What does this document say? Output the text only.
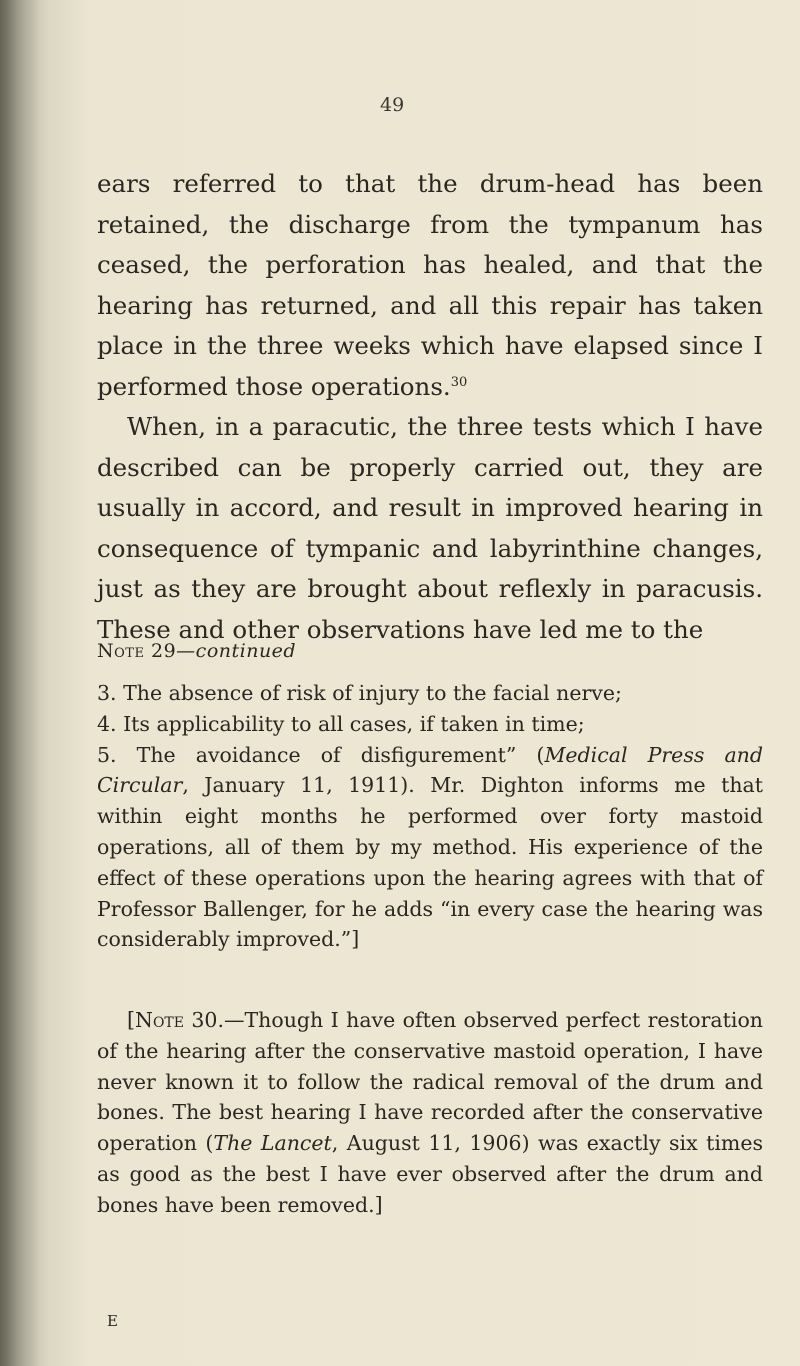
49

ears referred to that the drum-head has been retained, the discharge from the tympanum has ceased, the perforation has healed, and that the hearing has returned, and all this repair has taken place in the three weeks which have elapsed since I performed those operations.$^{30}$

When, in a paracutic, the three tests which I have described can be properly carried out, they are usually in accord, and result in improved hearing in consequence of tympanic and labyrinthine changes, just as they are brought about reflexly in paracusis. These and other observations have led me to the

Note 29—continued

3. The absence of risk of injury to the facial nerve;

4. Its applicability to all cases, if taken in time;

5. The avoidance of disfigurement” (Medical Press and Circular, January 11, 1911). Mr. Dighton informs me that within eight months he performed over forty mastoid operations, all of them by my method. His experience of the effect of these operations upon the hearing agrees with that of Professor Ballenger, for he adds “in every case the hearing was considerably improved.”]

[Note 30.—Though I have often observed perfect restoration of the hearing after the conservative mastoid operation, I have never known it to follow the radical removal of the drum and bones. The best hearing I have recorded after the conservative operation (The Lancet, August 11, 1906) was exactly six times as good as the best I have ever observed after the drum and bones have been removed.]

E
